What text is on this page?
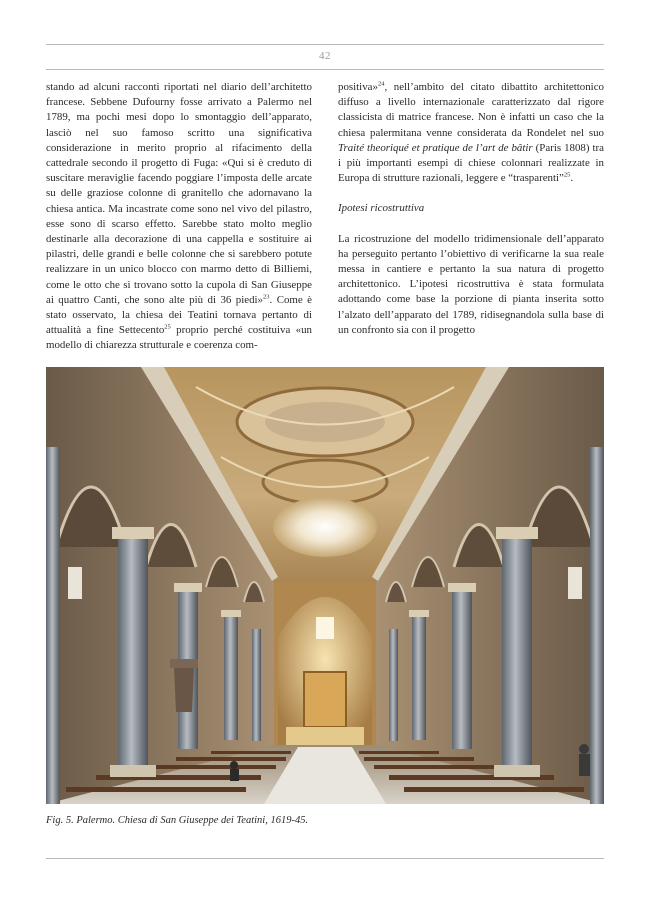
42

stando ad alcuni racconti riportati nel diario dell’architetto francese. Sebbene Dufourny fosse arrivato a Palermo nel 1789, ma pochi mesi dopo lo smontaggio dell’apparato, lasciò nel suo famoso scritto una significativa considerazione in merito proprio al rifacimento della cattedrale secondo il progetto di Fuga: «Qui si è creduto di suscitare meraviglie facendo poggiare l’imposta delle arcate su delle graziose colonne di granitello che adornavano la chiesa antica. Ma incastrate come sono nel vivo del pilastro, esse sono di scarso effetto. Sarebbe stato molto meglio destinarle alla decorazione di una cappella e sostituire ai pilastri, delle grandi e belle colonne che si sarebbero potute realizzare in un unico blocco con marmo detto di Billiemi, come le otto che si trovano sotto la cupola di San Giuseppe ai quattro Canti, che sono alte più di 36 piedi»$^{23}$. Come è stato osservato, la chiesa dei Teatini tornava pertanto di attualità a fine Settecento$^{25}$ proprio perché costituiva «un modello di chiarezza strutturale e coerenza com-

positiva»$^{24}$, nell’ambito del citato dibattito architettonico diffuso a livello internazionale caratterizzato dal rigore classicista di matrice francese. Non è infatti un caso che la chiesa palermitana venne considerata da Rondelet nel suo Traité theoriqué et pratique de l’art de bâtir (Paris 1808) tra i più importanti esempi di chiese colonnari realizzate in Europa di strutture razionali, leggere e “trasparenti”$^{25}$.

Ipotesi ricostruttiva

La ricostruzione del modello tridimensionale dell’apparato ha perseguito pertanto l’obiettivo di verificarne la sua reale messa in cantiere e pertanto la sua natura di progetto architettonico. L’ipotesi ricostruttiva è stata formulata adottando come base la porzione di pianta inserita sotto l’alzato dell’apparato del 1789, ridisegnandola sulla base di un confronto sia con il progetto

Fig. 5. Palermo. Chiesa di San Giuseppe dei Teatini, 1619-45.
